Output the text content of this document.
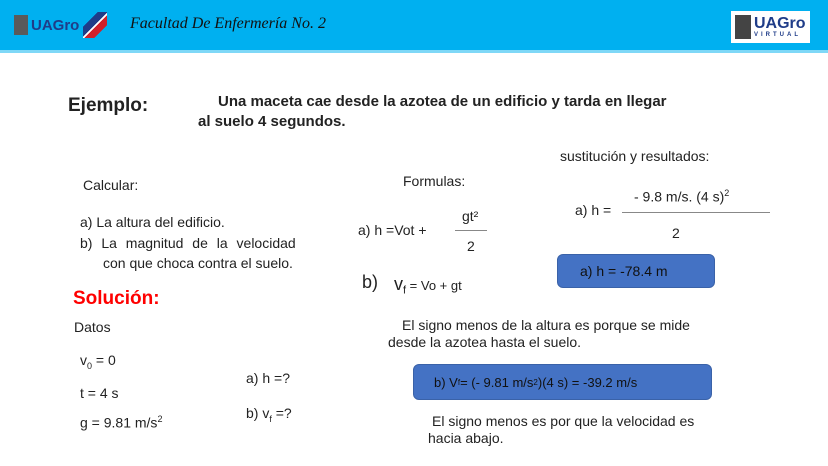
UAGro	Facultad De Enfermería No. 2	UAGro
VIRTUAL
Ejemplo:	Una maceta cae desde la azotea de un edificio y tarda en llegar
al suelo 4 segundos.
Calcular:
a) La altura del edificio.
b) La magnitud de la velocidad
con que choca contra el suelo.
Solución:
Datos
$v_0 = 0$
t = 4 s
g = 9.81 $m/s^2$
a) h =?
b) $v_f$ =?
Formulas:
a) h =Vot +
gt²
2
b) $v_f = Vo$ + gt
sustitución y resultados:
a) h =
- 9.8 m/s. (4 s)$^2$
2
a) h = -78.4 m
El signo menos de la altura es porque se mide
desde la azotea hasta el suelo.
b) V f = (- 9.81 m/s 2 )(4 s) = -39.2 m/s
El signo menos es por que la velocidad es
hacia abajo.
